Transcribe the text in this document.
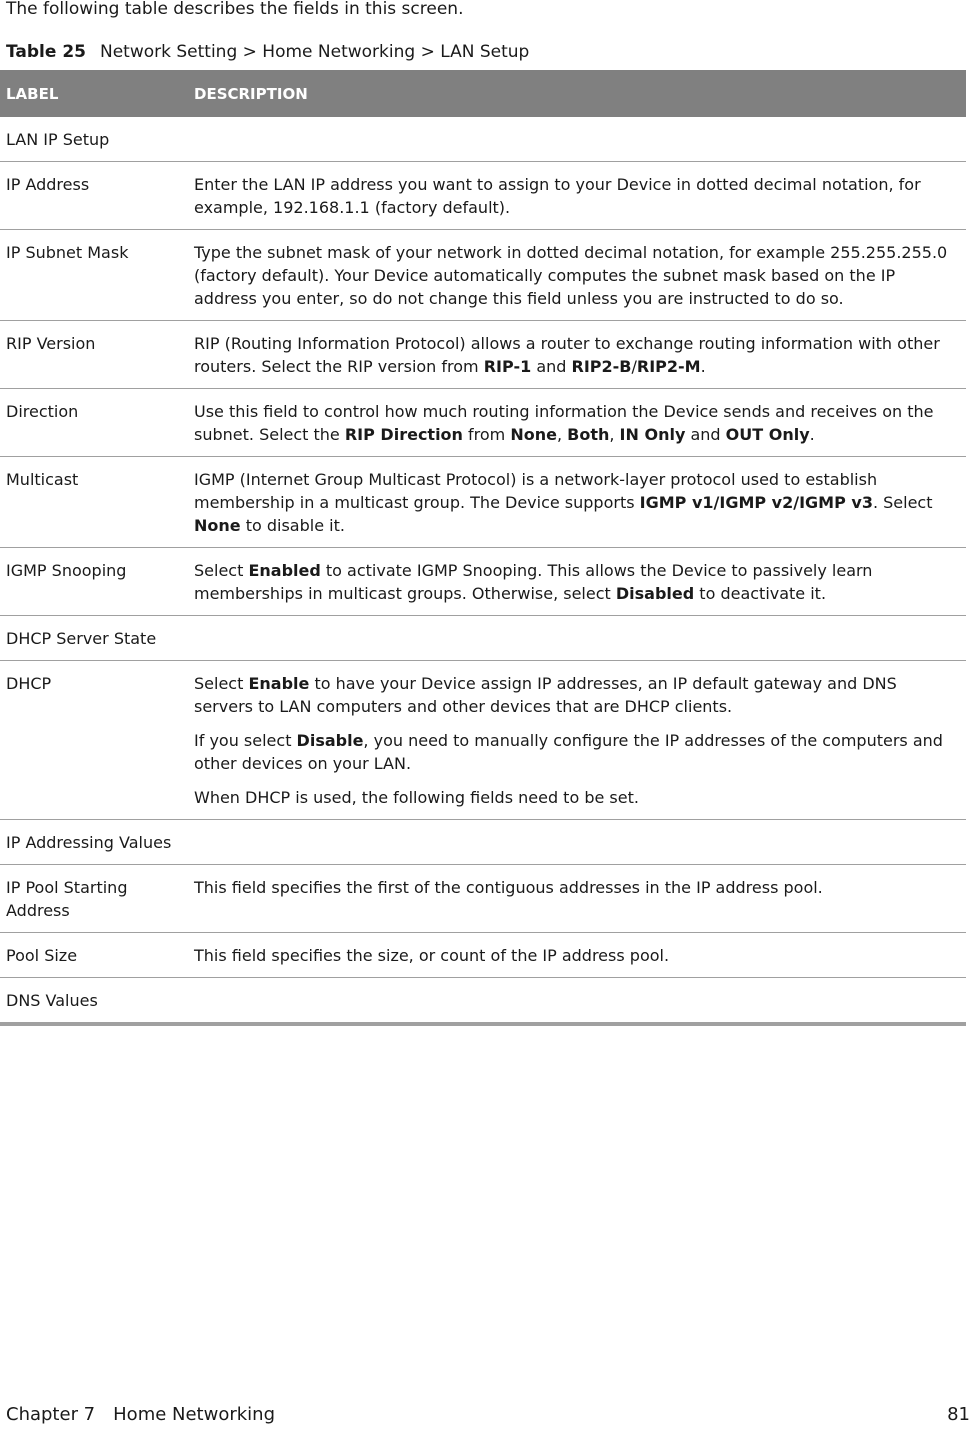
The following table describes the fields in this screen.
Table 25 Network Setting > Home Networking > LAN Setup
LABEL	DESCRIPTION
LAN IP Setup	
IP Address	Enter the LAN IP address you want to assign to your Device in dotted decimal notation, for example, 192.168.1.1 (factory default).

IP Subnet Mask	Type the subnet mask of your network in dotted decimal notation, for example 255.255.255.0 (factory default). Your Device automatically computes the subnet mask based on the IP address you enter, so do not change this field unless you are instructed to do so.

RIP Version	RIP (Routing Information Protocol) allows a router to exchange routing information with other routers. Select the RIP version from RIP-1 and RIP2-B/RIP2-M.

Direction	Use this field to control how much routing information the Device sends and receives on the subnet. Select the RIP Direction from None, Both, IN Only and OUT Only.

Multicast	IGMP (Internet Group Multicast Protocol) is a network-layer protocol used to establish membership in a multicast group. The Device supports IGMP v1/IGMP v2/IGMP v3. Select None to disable it.

IGMP Snooping	Select Enabled to activate IGMP Snooping. This allows the Device to passively learn memberships in multicast groups. Otherwise, select Disabled to deactivate it.

DHCP Server State	
DHCP	Select Enable to have your Device assign IP addresses, an IP default gateway and DNS servers to LAN computers and other devices that are DHCP clients.

If you select Disable, you need to manually configure the IP addresses of the computers and other devices on your LAN.

When DHCP is used, the following fields need to be set.

IP Addressing Values	
IP Pool Starting Address	This field specifies the first of the contiguous addresses in the IP address pool.

Pool Size	This field specifies the size, or count of the IP address pool.

DNS Values	
Chapter 7 Home Networking	81
